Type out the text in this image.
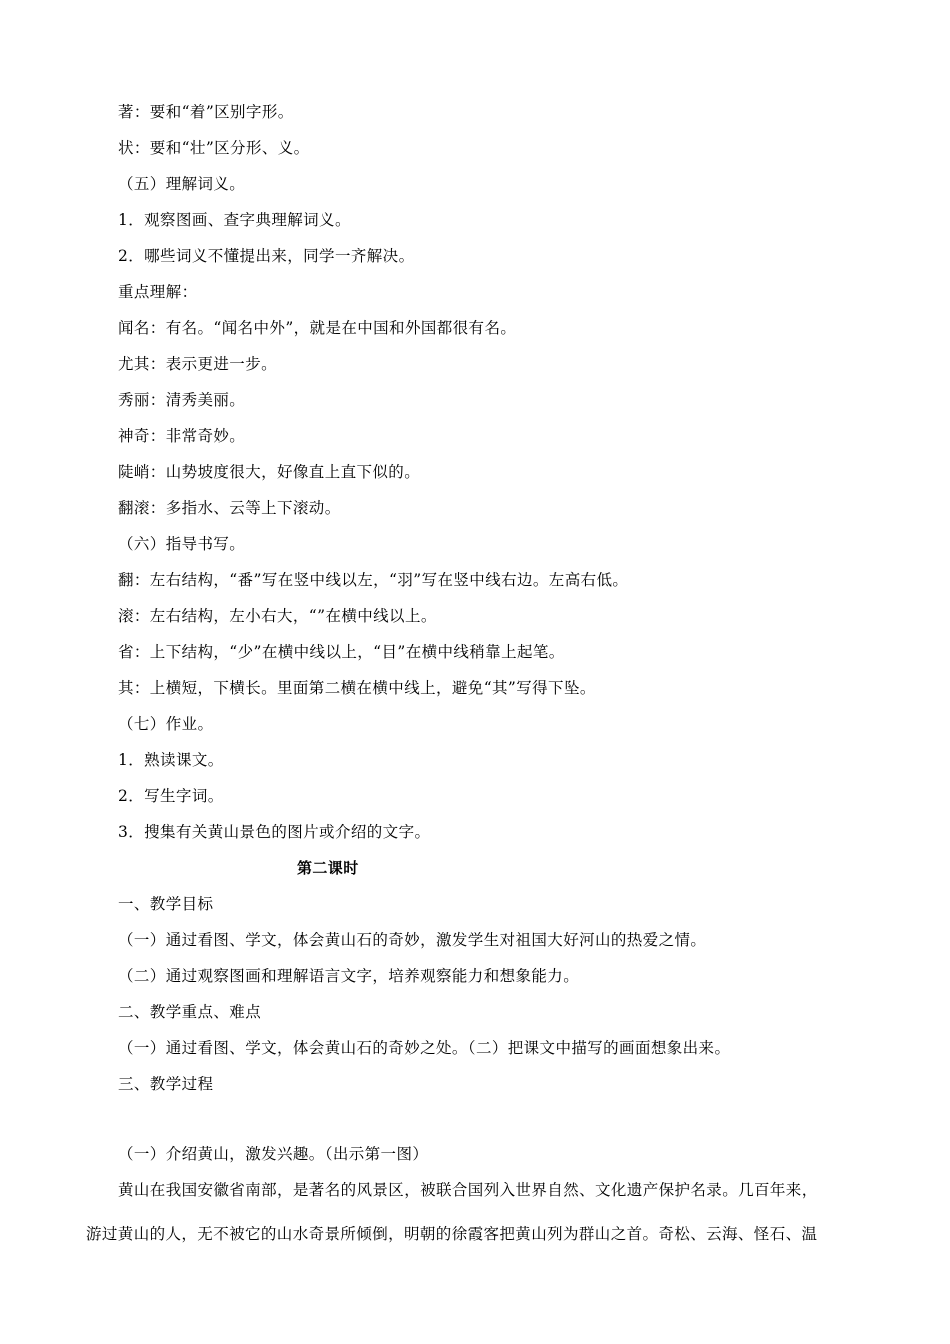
著：要和“着”区别字形。
状：要和“壮”区分形、义。
（五）理解词义。
1．观察图画、查字典理解词义。
2．哪些词义不懂提出来，同学一齐解决。
重点理解：
闻名：有名。“闻名中外”，就是在中国和外国都很有名。
尤其：表示更进一步。
秀丽：清秀美丽。
神奇：非常奇妙。
陡峭：山势坡度很大，好像直上直下似的。
翻滚：多指水、云等上下滚动。
（六）指导书写。
翻：左右结构，“番”写在竖中线以左，“羽”写在竖中线右边。左高右低。
滚：左右结构，左小右大，“”在横中线以上。
省：上下结构，“少”在横中线以上，“目”在横中线稍靠上起笔。
其：上横短，下横长。里面第二横在横中线上，避免“其”写得下坠。
（七）作业。
1．熟读课文。
2．写生字词。
3．搜集有关黄山景色的图片或介绍的文字。
第二课时
一、教学目标
（一）通过看图、学文，体会黄山石的奇妙，激发学生对祖国大好河山的热爱之情。
（二）通过观察图画和理解语言文字，培养观察能力和想象能力。
二、教学重点、难点
（一）通过看图、学文，体会黄山石的奇妙之处。（二）把课文中描写的画面想象出来。
三、教学过程
（一）介绍黄山，激发兴趣。（出示第一图）
黄山在我国安徽省南部，是著名的风景区，被联合国列入世界自然、文化遗产保护名录。几百年来，
游过黄山的人，无不被它的山水奇景所倾倒，明朝的徐霞客把黄山列为群山之首。奇松、云海、怪石、温
